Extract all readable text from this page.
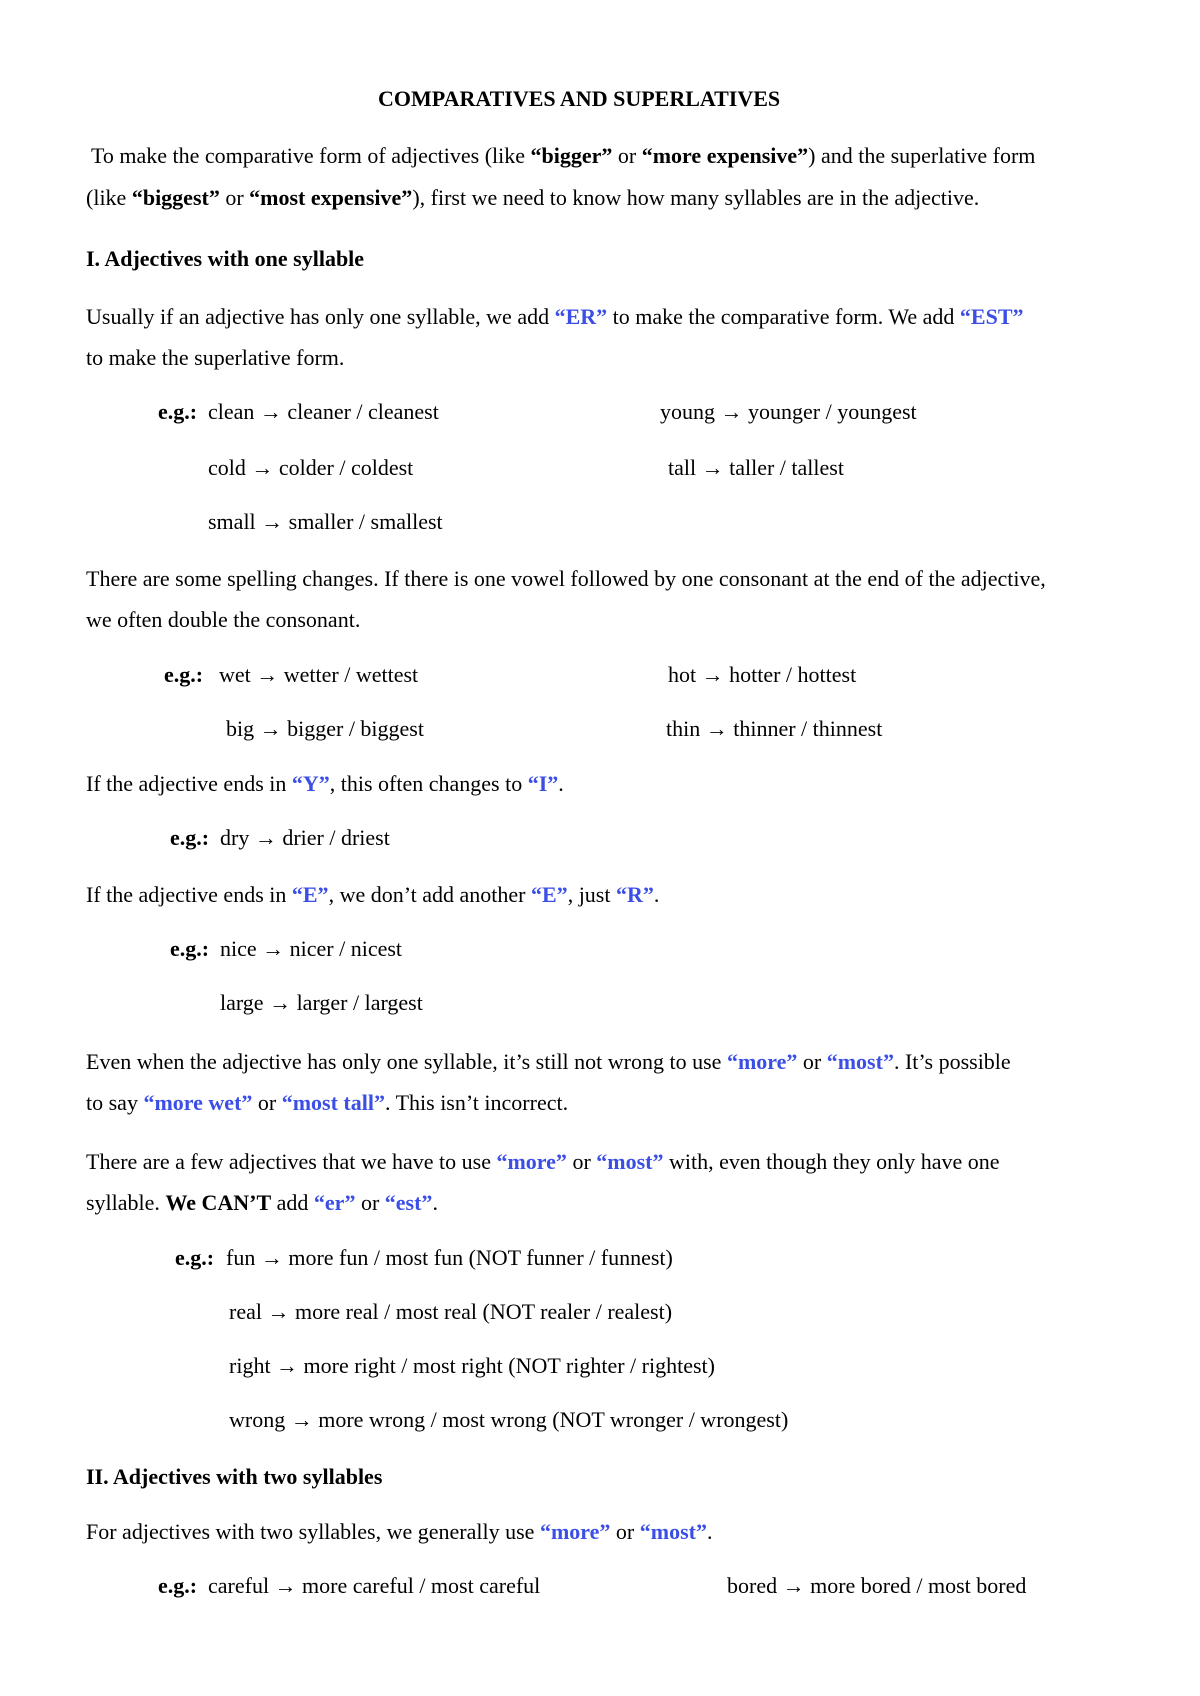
COMPARATIVES AND SUPERLATIVES
To make the comparative form of adjectives (like “bigger” or “more expensive”) and the superlative form
(like “biggest” or “most expensive”), first we need to know how many syllables are in the adjective.
I. Adjectives with one syllable
Usually if an adjective has only one syllable, we add “ER” to make the comparative form. We add “EST”
to make the superlative form.
e.g.: clean → cleaner / cleanest	young → younger / youngest
cold → colder / coldest	tall → taller / tallest
small → smaller / smallest
There are some spelling changes. If there is one vowel followed by one consonant at the end of the adjective,
we often double the consonant.
e.g.: wet → wetter / wettest	hot → hotter / hottest
big → bigger / biggest	thin → thinner / thinnest
If the adjective ends in “Y”, this often changes to “I”.
e.g.: dry → drier / driest
If the adjective ends in “E”, we don’t add another “E”, just “R”.
e.g.: nice → nicer / nicest
large → larger / largest
Even when the adjective has only one syllable, it’s still not wrong to use “more” or “most”. It’s possible
to say “more wet” or “most tall”. This isn’t incorrect.
There are a few adjectives that we have to use “more” or “most” with, even though they only have one
syllable. We CAN’T add “er” or “est”.
e.g.: fun → more fun / most fun (NOT funner / funnest)
real → more real / most real (NOT realer / realest)
right → more right / most right (NOT righter / rightest)
wrong → more wrong / most wrong (NOT wronger / wrongest)
II. Adjectives with two syllables
For adjectives with two syllables, we generally use “more” or “most”.
e.g.: careful → more careful / most careful	bored → more bored / most bored
